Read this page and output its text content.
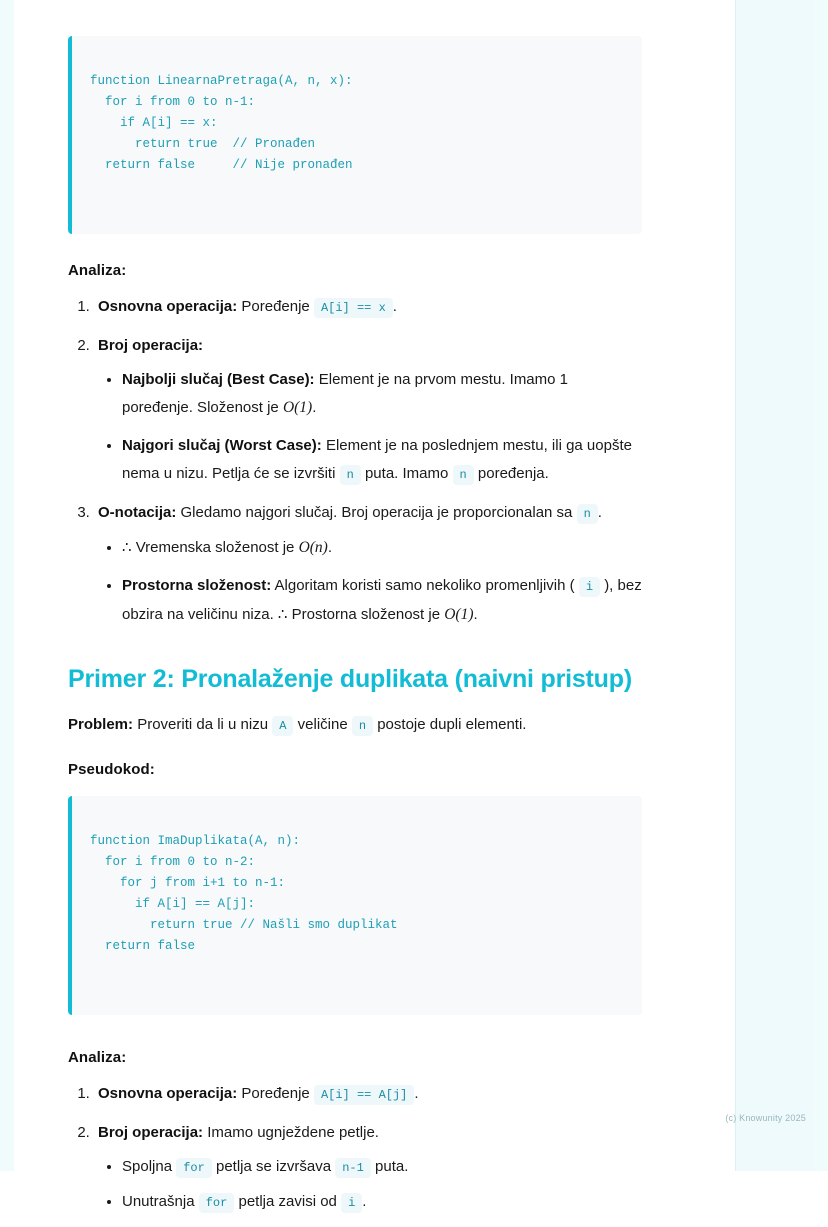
function LinearnaPretraga(A, n, x):
for i from 0 to n-1:
if A[i] == x:
return true  // Pronađen
return false     // Nije pronađen

Analiza:
1. Osnovna operacija: Poređenje A[i] == x .
2. Broj operacija:
• Najbolji slučaj (Best Case): Element je na prvom mestu. Imamo 1 poređenje. Složenost je O(1).
• Najgori slučaj (Worst Case): Element je na poslednjem mestu, ili ga uopšte nema u nizu. Petlja će se izvršiti n puta. Imamo n poređenja.
3. O-notacija: Gledamo najgori slučaj. Broj operacija je proporcionalan sa n .
• ∴ Vremenska složenost je O(n).
• Prostorna složenost: Algoritam koristi samo nekoliko promenljivih ( i ), bez obzira na veličinu niza. ∴ Prostorna složenost je O(1).
Primer 2: Pronalaženje duplikata (naivni pristup)

Problem: Proveriti da li u nizu A veličine n postoje dupli elementi.

Pseudokod:

function ImaDuplikata(A, n):
for i from 0 to n-2:
for j from i+1 to n-1:
if A[i] == A[j]:
return true // Našli smo duplikat
return false

Analiza:
1. Osnovna operacija: Poređenje A[i] == A[j] .
2. Broj operacija: Imamo ugnježdene petlje.
• Spoljna for petlja se izvršava n-1 puta.
• Unutrašnja for petlja zavisi od i .
(c) Knowunity 2025
